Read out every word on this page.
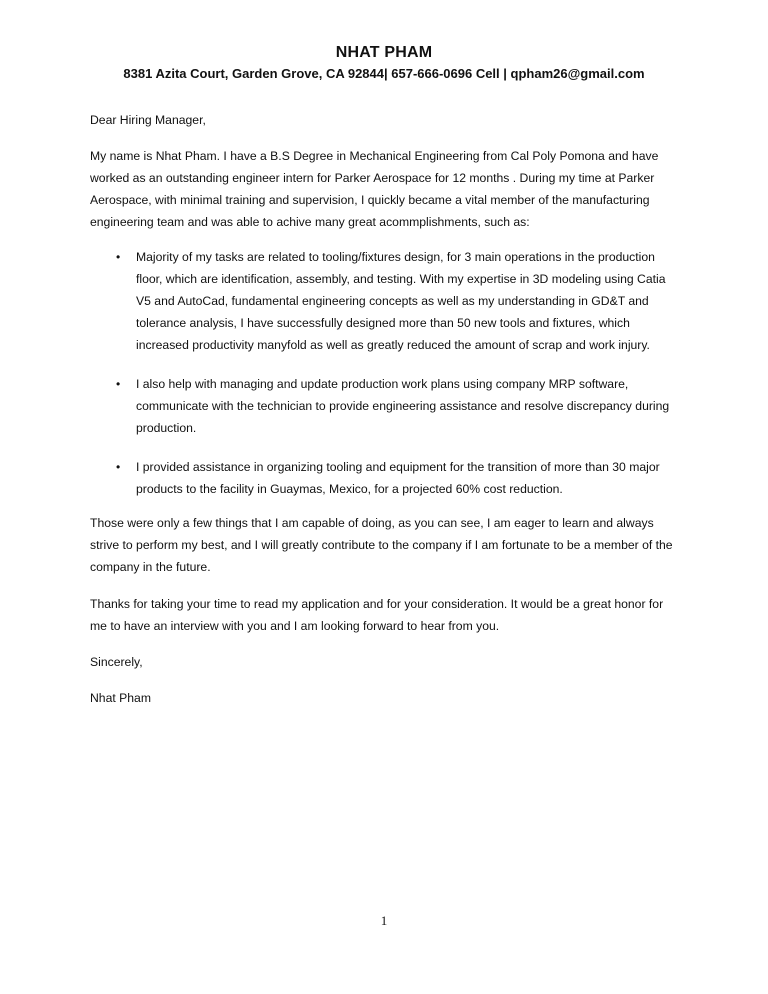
NHAT PHAM
8381 Azita Court, Garden Grove, CA 92844| 657-666-0696 Cell | qpham26@gmail.com

Dear Hiring Manager,

My name is Nhat Pham. I have a B.S Degree in Mechanical Engineering from Cal Poly Pomona and have worked as an outstanding engineer intern for Parker Aerospace for 12 months . During my time at Parker Aerospace, with minimal training and supervision, I quickly became a vital member of the manufacturing engineering team and was able to achive many great acommplishments, such as:

• Majority of my tasks are related to tooling/fixtures design, for 3 main operations in the production floor, which are identification, assembly, and testing. With my expertise in 3D modeling using Catia V5 and AutoCad, fundamental engineering concepts as well as my understanding in GD&T and tolerance analysis, I have successfully designed more than 50 new tools and fixtures, which increased productivity manyfold as well as greatly reduced the amount of scrap and work injury.
• I also help with managing and update production work plans using company MRP software, communicate with the technician to provide engineering assistance and resolve discrepancy during production.
• I provided assistance in organizing tooling and equipment for the transition of more than 30 major products to the facility in Guaymas, Mexico, for a projected 60% cost reduction.

Those were only a few things that I am capable of doing, as you can see, I am eager to learn and always strive to perform my best, and I will greatly contribute to the company if I am fortunate to be a member of the company in the future.

Thanks for taking your time to read my application and for your consideration. It would be a great honor for me to have an interview with you and I am looking forward to hear from you.

Sincerely,

Nhat Pham

1
